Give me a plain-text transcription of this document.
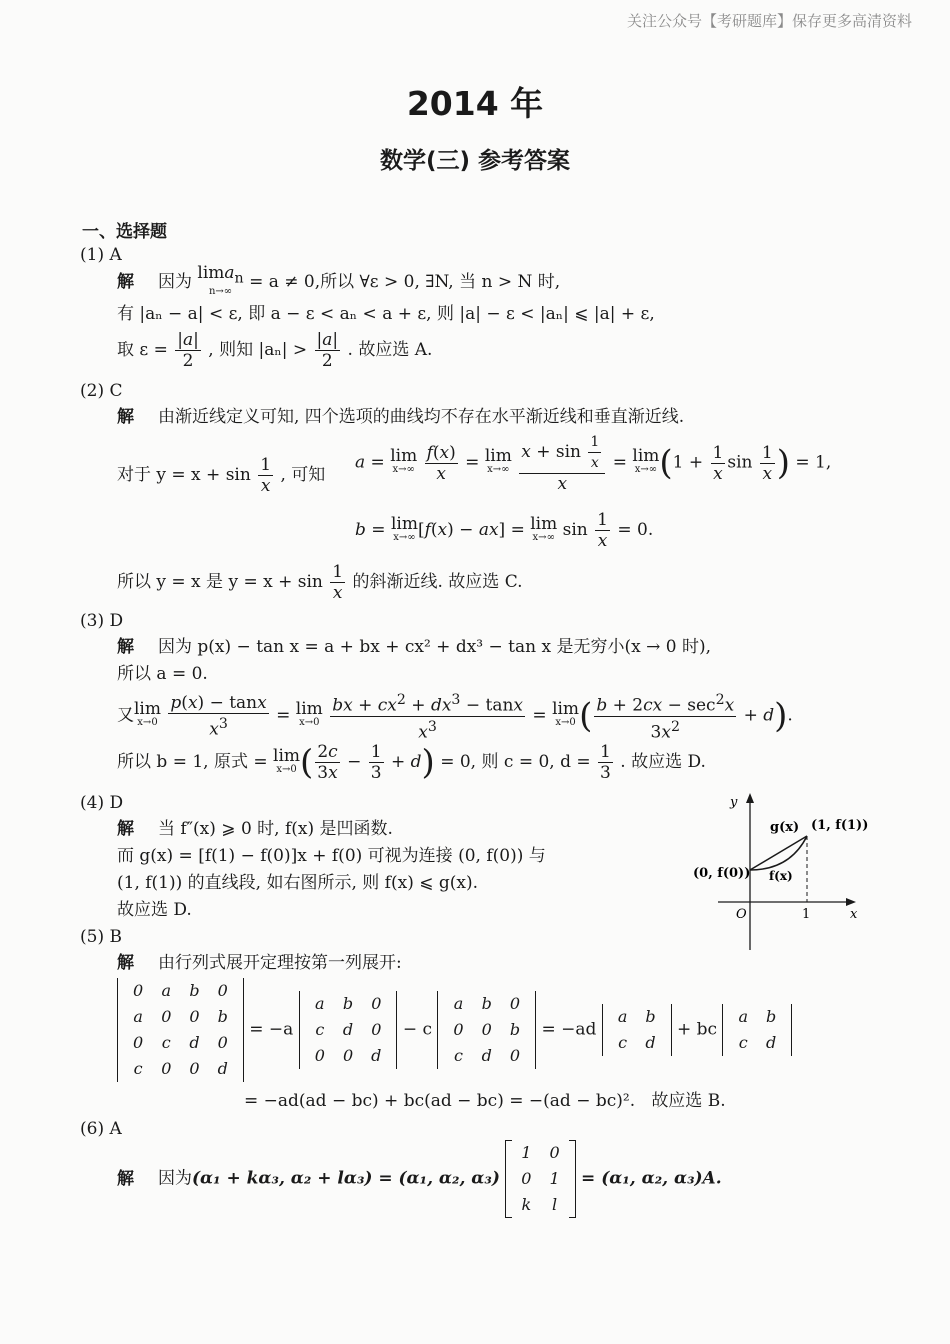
关注公众号【考研题库】保存更多高清资料
2014 年
数学(三) 参考答案
一、选择题
(1) A
解 因为 lima$_n$
n→∞ = a ≠ 0,所以 ∀ε > 0, ∃N, 当 n > N 时,
有 |aₙ − a| < ε, 即 a − ε < aₙ < a + ε, 则 |a| − ε < |aₙ| ⩽ |a| + ε,
取 $\varepsilon = \frac{|a|}{2}$ , 则知 $|a_n| > \frac{|a|}{2}$ . 故应选 A.
(2) C
解 由渐近线定义可知, 四个选项的曲线均不存在水平渐近线和垂直渐近线.
对于 $y = x + \sin \frac{1}{x}$ , 可知
a = lim
x→∞
$\frac{f(x)}{x} = \lim$
x→∞
$\frac{x + \sin \frac{1}{x}}{x} = \lim$
x→∞ ($1 + \frac{1}{x}$ $\sin \frac{1}{x}$ ) = 1,
b = lim
x→∞ [f(x) − ax] = lim
x→∞ $\sin \frac{1}{x} = 0$.
所以 y = x 是 $y = x + \sin \frac{1}{x}$ 的斜渐近线. 故应选 C.
(3) D
解 因为 p(x) − tan x = a + bx + cx² + dx³ − tan x 是无穷小(x → 0 时),
所以 a = 0.
又lim
x→0
$\frac{p(x) - \tan x}{x^3} = \lim$
x→0
$\frac{bx + cx^2 + dx^3 - \tan x}{x^3} = \lim$
x→0 ( $b + 2cx - \sec^2x$
$3x^2$
+ d).
所以 b = 1, 原式 = lim
x→0 ( $\frac{2c}{3x} - \frac{1}{3} + d) = 0$, 则 c = 0, $d = \frac{1}{3}$ . 故应选 D.
(4) D
解 当 f″(x) ⩾ 0 时, f(x) 是凹函数.
而 g(x) = [f(1) − f(0)]x + f(0) 可视为连接 (0, f(0)) 与
(1, f(1)) 的直线段, 如右图所示, 则 f(x) ⩽ g(x).
故应选 D.
y
x
O	1
g(x)
f(x)
(0, f(0))
(1, f(1))
(5) B
解 由行列式展开定理按第一列展开:
0	a	b	0
a	0	0	b
0	c	d	0
c	0	0	d
= −a
a	b	0
c	d	0
0	0	d
− c
a	b	0
0	0	b
c	d	0
= −ad
a	b
c	d
+ bc
a	b
c	d
= −ad(ad − bc) + bc(ad − bc) = −(ad − bc)². 故应选 B.
(6) A
解 因为(α₁ + kα₃, α₂ + lα₃) = (α₁, α₂, α₃)
1	0
0	1
k	l
= (α₁, α₂, α₃)A.
